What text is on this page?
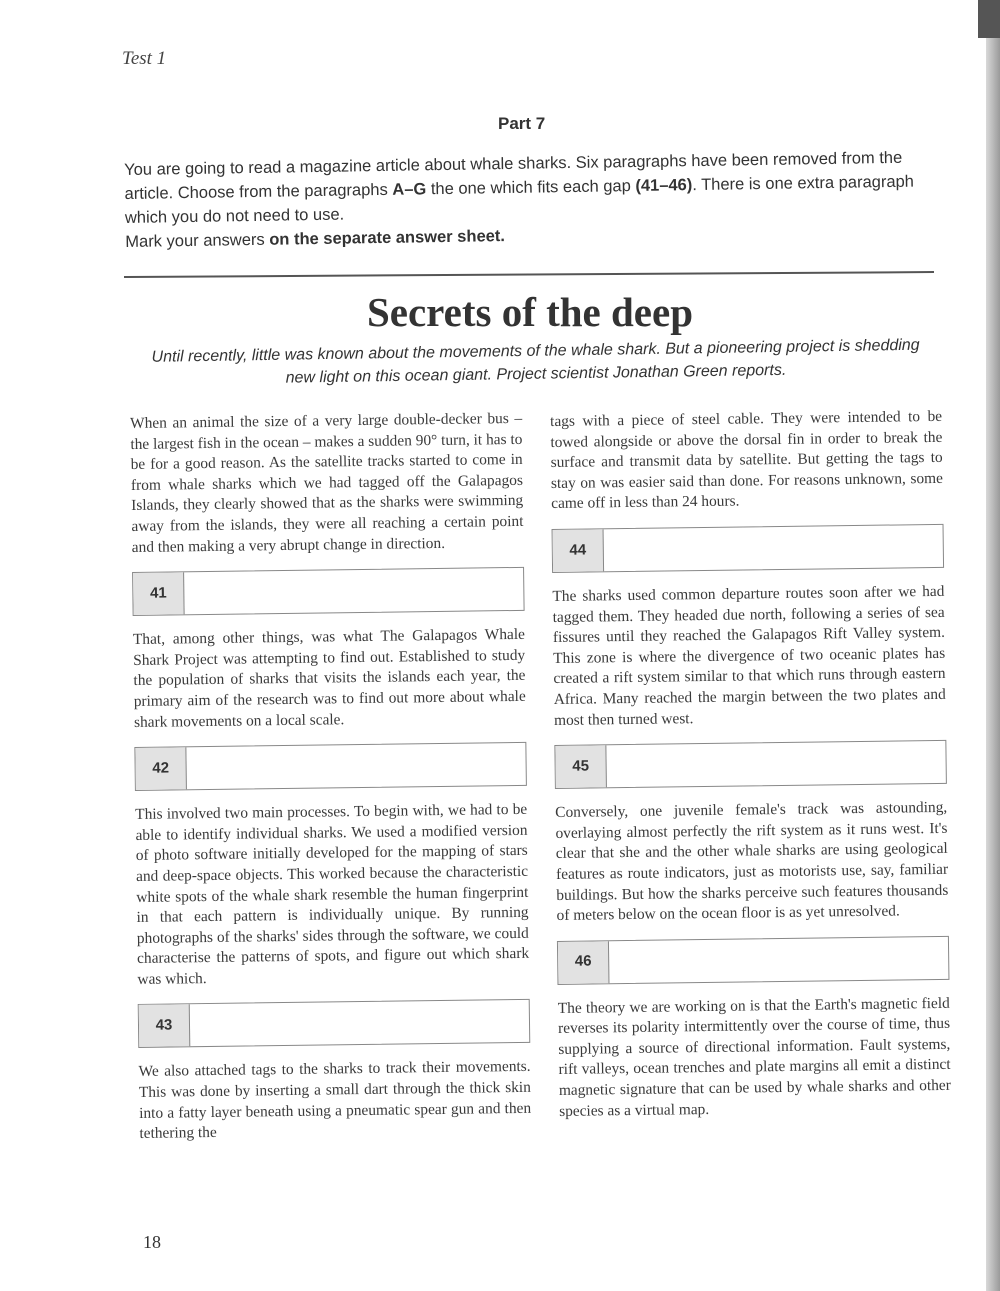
Test 1
Part 7
You are going to read a magazine article about whale sharks. Six paragraphs have been removed from the article. Choose from the paragraphs A–G the one which fits each gap (41–46). There is one extra paragraph which you do not need to use.
Mark your answers on the separate answer sheet.
Secrets of the deep
Until recently, little was known about the movements of the whale shark. But a pioneering project is shedding new light on this ocean giant. Project scientist Jonathan Green reports.

When an animal the size of a very large double-decker bus – the largest fish in the ocean – makes a sudden 90° turn, it has to be for a good reason. As the satellite tracks started to come in from whale sharks which we had tagged off the Galapagos Islands, they clearly showed that as the sharks were swimming away from the islands, they were all reaching a certain point and then making a very abrupt change in direction.

41

That, among other things, was what The Galapagos Whale Shark Project was attempting to find out. Established to study the population of sharks that visits the islands each year, the primary aim of the research was to find out more about whale shark movements on a local scale.

42

This involved two main processes. To begin with, we had to be able to identify individual sharks. We used a modified version of photo software initially developed for the mapping of stars and deep-space objects. This worked because the characteristic white spots of the whale shark resemble the human fingerprint in that each pattern is individually unique. By running photographs of the sharks' sides through the software, we could characterise the patterns of spots, and figure out which shark was which.

43

We also attached tags to the sharks to track their movements. This was done by inserting a small dart through the thick skin into a fatty layer beneath using a pneumatic spear gun and then tethering the

tags with a piece of steel cable. They were intended to be towed alongside or above the dorsal fin in order to break the surface and transmit data by satellite. But getting the tags to stay on was easier said than done. For reasons unknown, some came off in less than 24 hours.

44

The sharks used common departure routes soon after we had tagged them. They headed due north, following a series of sea fissures until they reached the Galapagos Rift Valley system. This zone is where the divergence of two oceanic plates has created a rift system similar to that which runs through eastern Africa. Many reached the margin between the two plates and most then turned west.

45

Conversely, one juvenile female's track was astounding, overlaying almost perfectly the rift system as it runs west. It's clear that she and the other whale sharks are using geological features as route indicators, just as motorists use, say, familiar buildings. But how the sharks perceive such features thousands of meters below on the ocean floor is as yet unresolved.

46

The theory we are working on is that the Earth's magnetic field reverses its polarity intermittently over the course of time, thus supplying a source of directional information. Fault systems, rift valleys, ocean trenches and plate margins all emit a distinct magnetic signature that can be used by whale sharks and other species as a virtual map.

18
